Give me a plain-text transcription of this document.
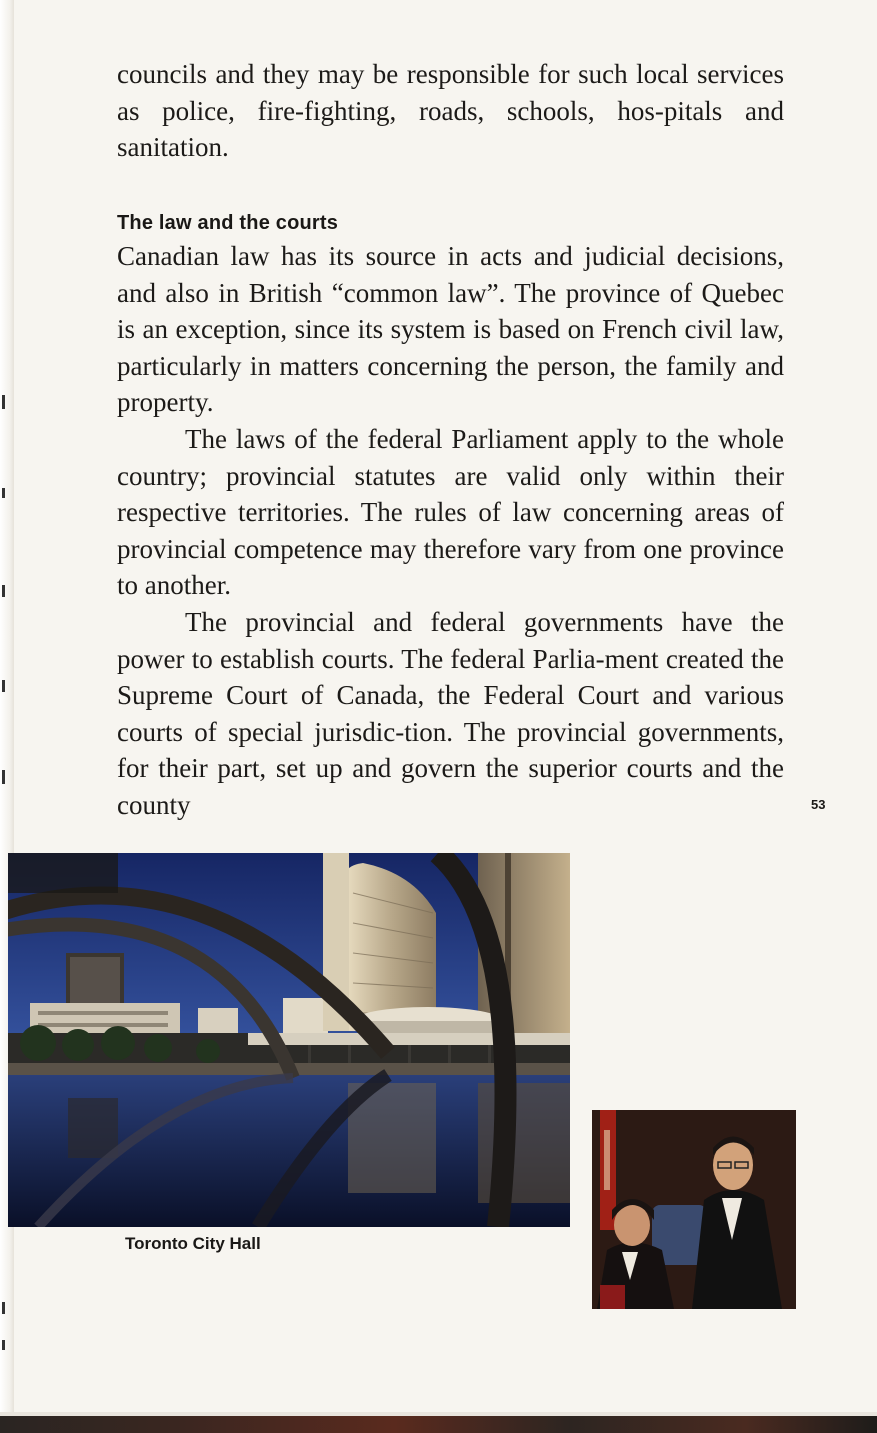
councils and they may be responsible for such local services as police, fire-fighting, roads, schools, hos-pitals and sanitation.

The law and the courts

Canadian law has its source in acts and judicial decisions, and also in British “common law”. The province of Quebec is an exception, since its system is based on French civil law, particularly in matters concerning the person, the family and property.

The laws of the federal Parliament apply to the whole country; provincial statutes are valid only within their respective territories. The rules of law concerning areas of provincial competence may therefore vary from one province to another.

The provincial and federal governments have the power to establish courts. The federal Parlia-ment created the Supreme Court of Canada, the Federal Court and various courts of special jurisdic-tion. The provincial governments, for their part, set up and govern the superior courts and the county	53
Toronto City Hall
